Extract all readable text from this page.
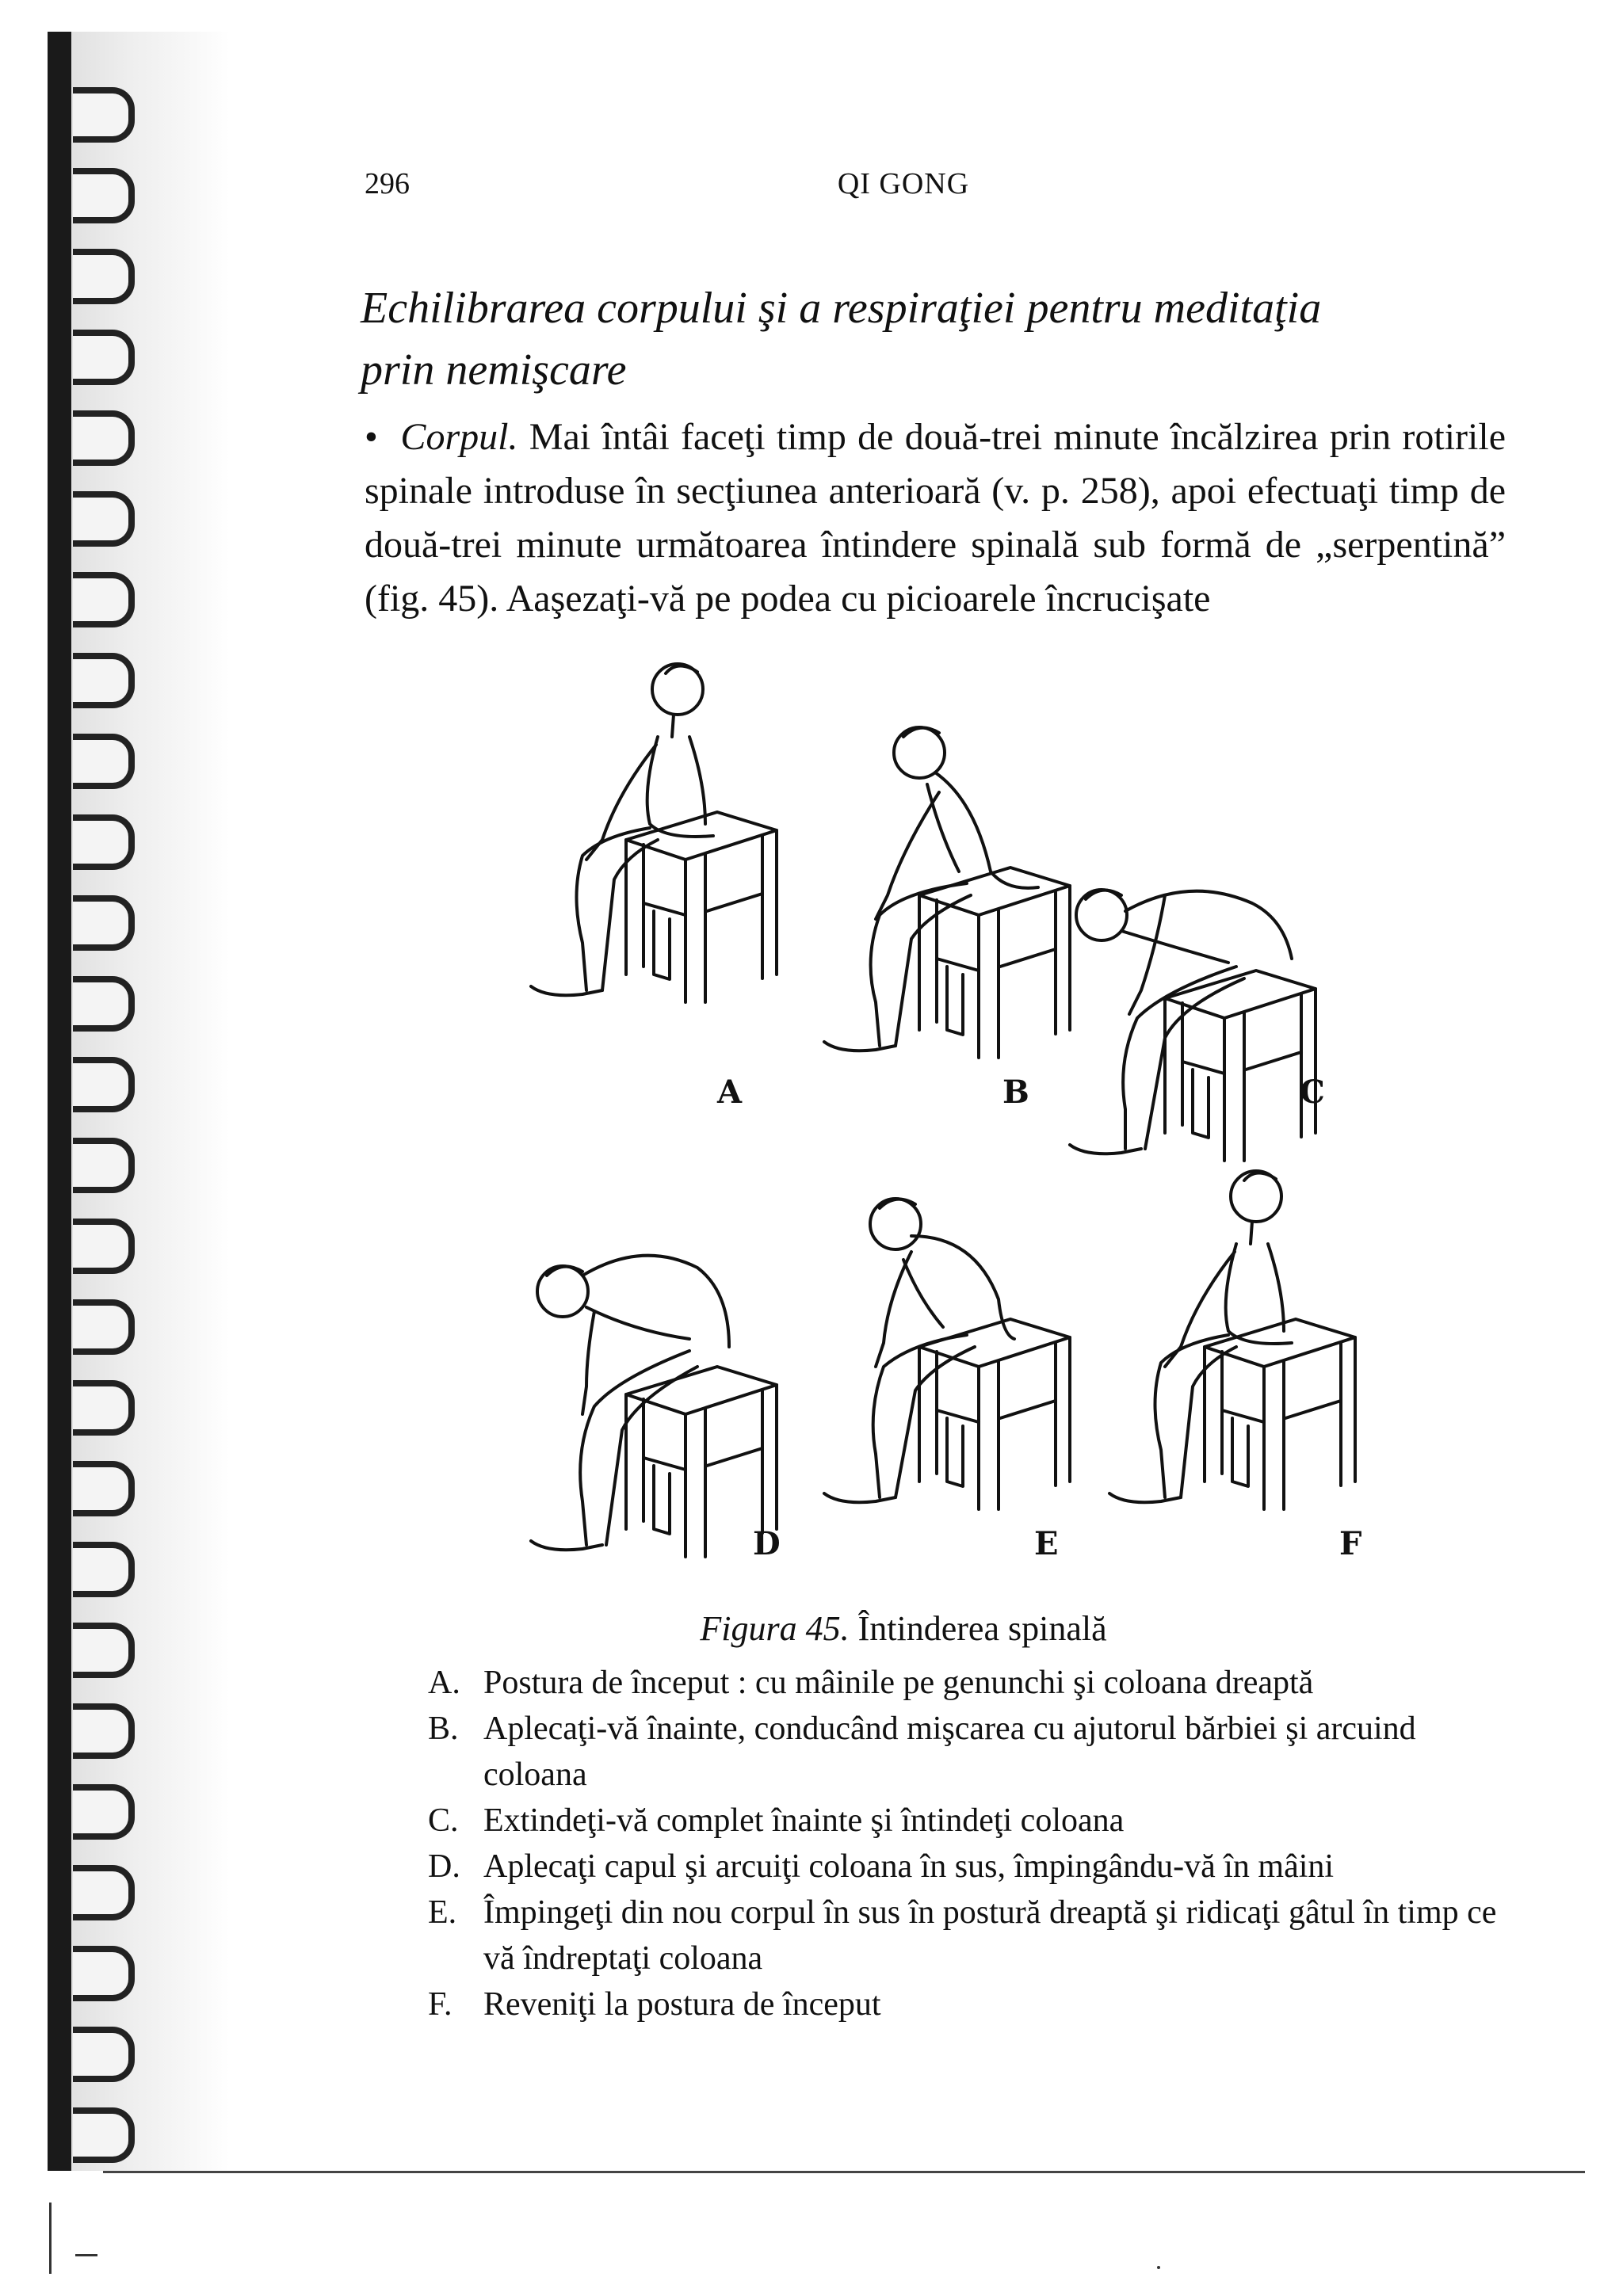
296	QI GONG
Echilibrarea corpului şi a respiraţiei pentru meditaţia
prin nemişcare
• Corpul. Mai întâi faceţi timp de două-trei minute încălzirea prin rotirile spinale introduse în secţiunea anterioară (v. p. 258), apoi efectuaţi timp de două-trei minute următoarea întindere spinală sub formă de „serpentină” (fig. 45). Aaşezaţi-vă pe podea cu picioarele încrucişate
A	B	C
D	E	F
Figura 45. Întinderea spinală
A. Postura de început : cu mâinile pe genunchi şi coloana dreaptă
B. Aplecaţi-vă înainte, conducând mişcarea cu ajutorul bărbiei şi arcuind coloana
C. Extindeţi-vă complet înainte şi întindeţi coloana
D. Aplecaţi capul şi arcuiţi coloana în sus, împingându-vă în mâini
E. Împingeţi din nou corpul în sus în postură dreaptă şi ridicaţi gâtul în timp ce vă îndreptaţi coloana
F. Reveniţi la postura de început
